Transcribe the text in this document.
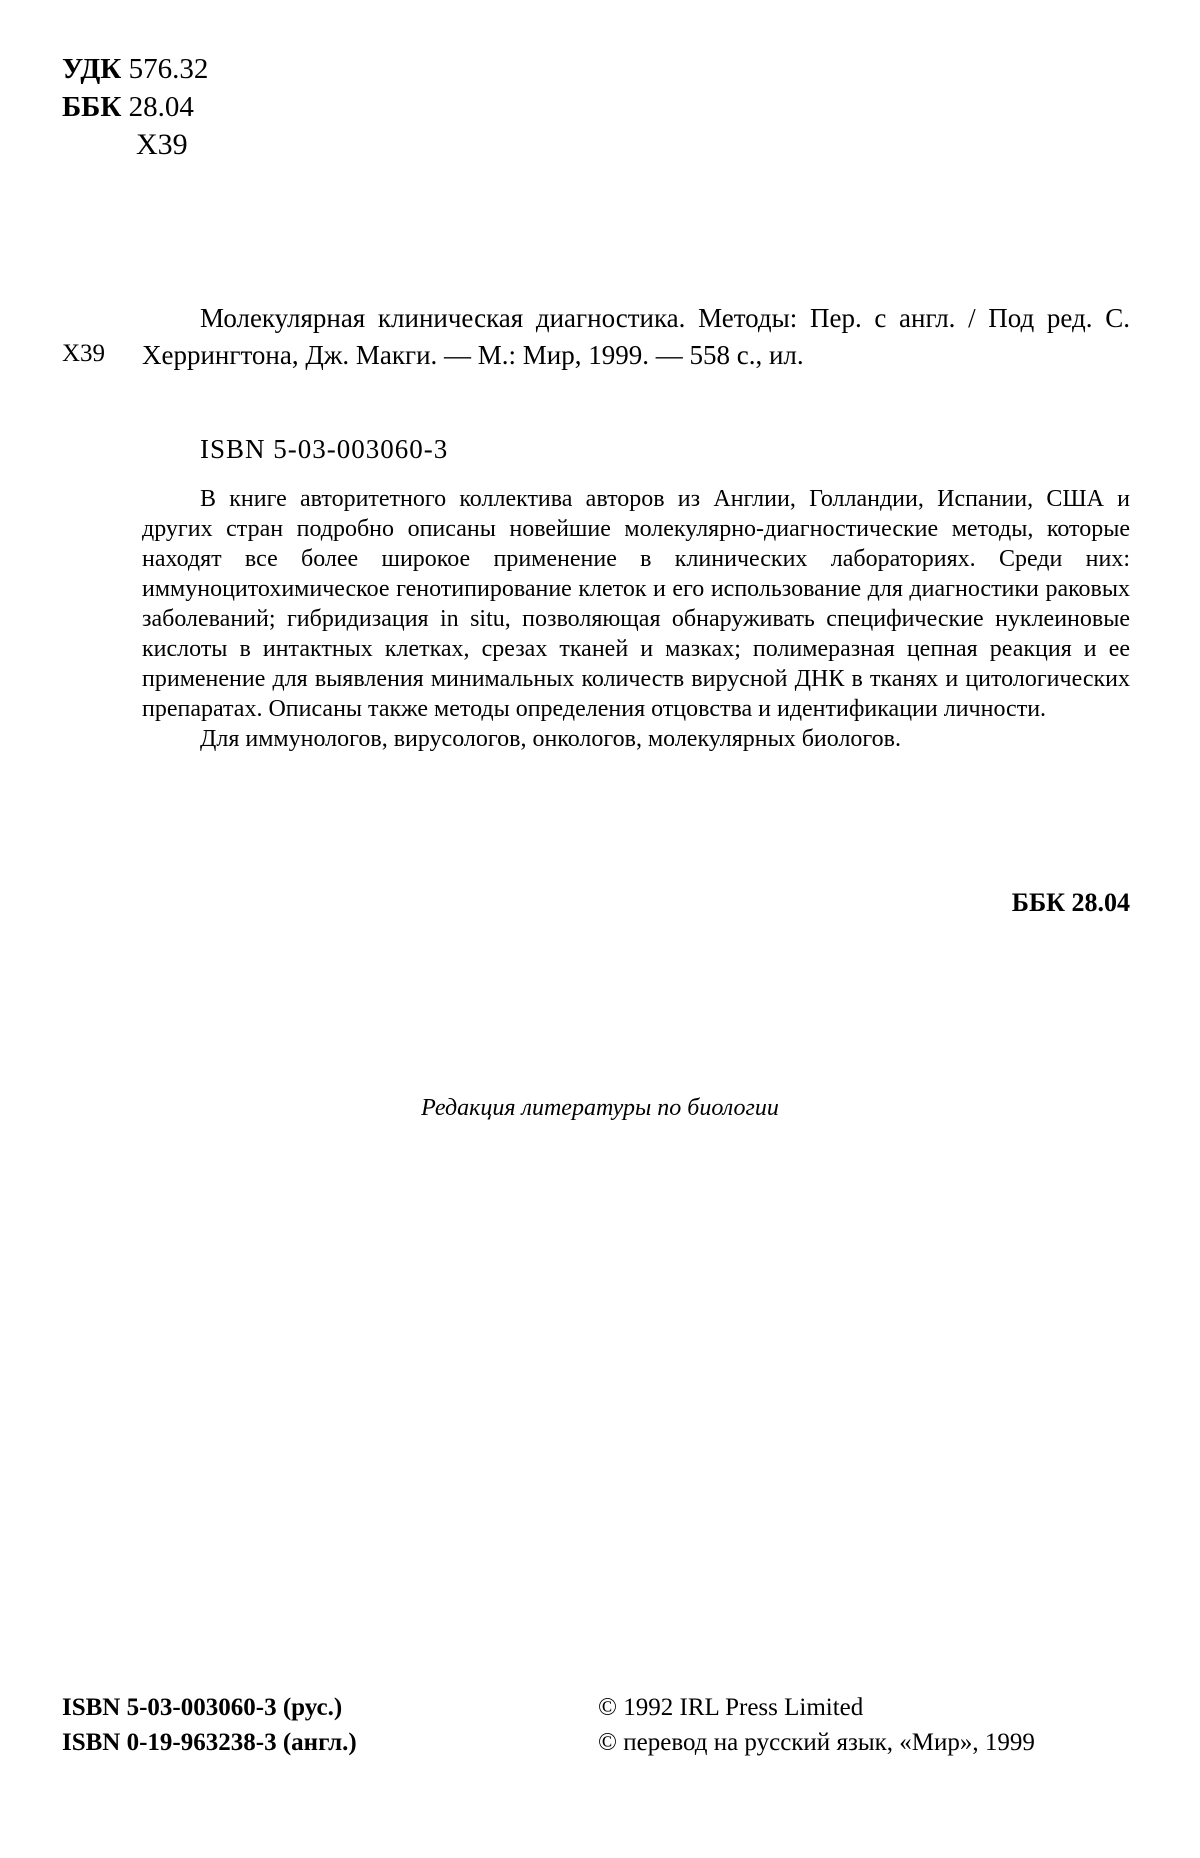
УДК 576.32
ББК 28.04
Х39
Х39
Молекулярная клиническая диагностика. Методы: Пер. с англ. / Под ред. С. Херрингтона, Дж. Макги. — М.: Мир, 1999. — 558 с., ил.
ISBN 5-03-003060-3

В книге авторитетного коллектива авторов из Англии, Голландии, Испании, США и других стран подробно описаны новейшие молекулярно-диагностические методы, которые находят все более широкое применение в клинических лабораториях. Среди них: иммуноцитохимическое генотипирование клеток и его использование для диагностики раковых заболеваний; гибридизация in situ, позволяющая обнаруживать специфические нуклеиновые кислоты в интактных клетках, срезах тканей и мазках; полимеразная цепная реакция и ее применение для выявления минимальных количеств вирусной ДНК в тканях и цитологических препаратах. Описаны также методы определения отцовства и идентификации личности.

Для иммунологов, вирусологов, онкологов, молекулярных биологов.

ББК 28.04
Редакция литературы по биологии
ISBN 5-03-003060-3 (рус.)
ISBN 0-19-963238-3 (англ.)
© 1992 IRL Press Limited
© перевод на русский язык, «Мир», 1999
